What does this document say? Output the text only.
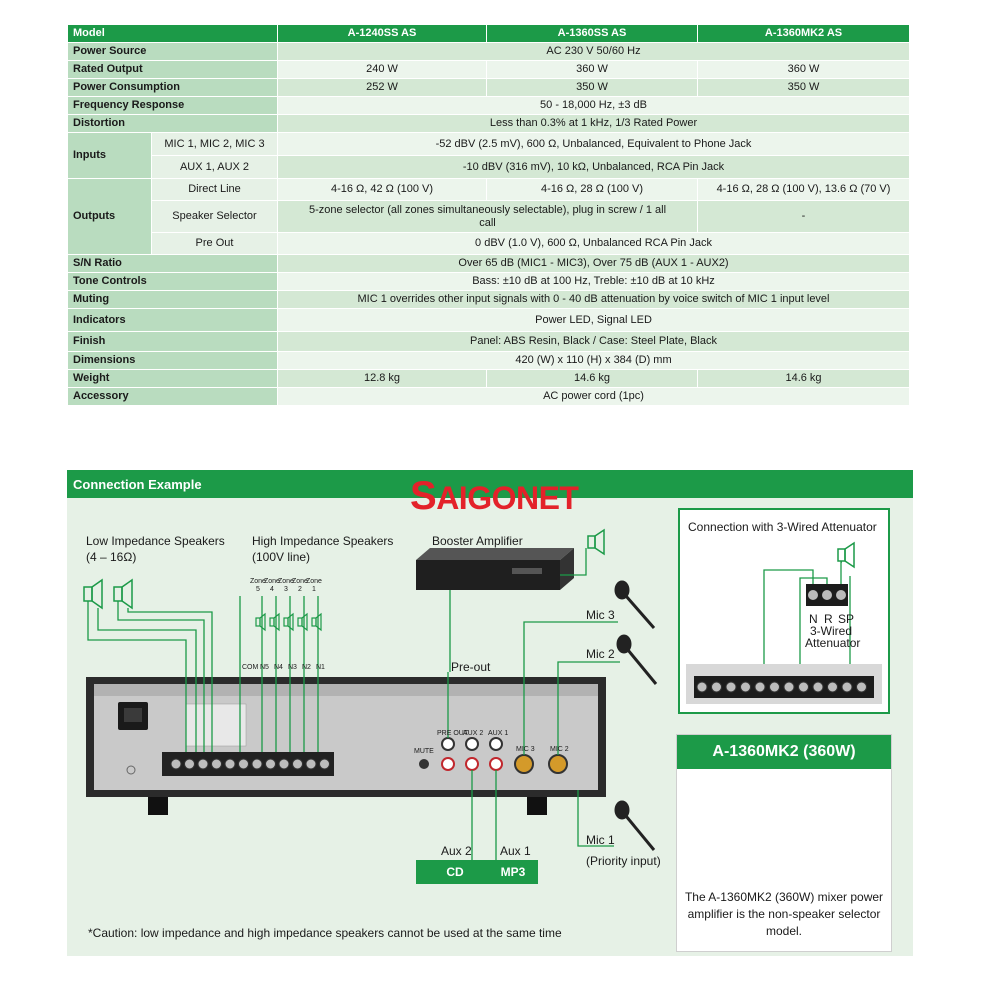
Model		A-1240SS AS	A-1360SS AS	A-1360MK2 AS
Power Source		AC 230 V 50/60 Hz		
Rated Output		240 W	360 W	360 W
Power Consumption		252 W	350 W	350 W
Frequency Response		50 - 18,000 Hz, ±3 dB		
Distortion		Less than 0.3% at 1 kHz, 1/3 Rated Power		
Inputs	MIC 1, MIC 2, MIC 3	-52 dBV (2.5 mV), 600 Ω, Unbalanced, Equivalent to Phone Jack		
	AUX 1, AUX 2	-10 dBV (316 mV), 10 kΩ, Unbalanced, RCA Pin Jack		
Outputs	Direct Line	4-16 Ω, 42 Ω (100 V)	4-16 Ω, 28 Ω (100 V)	4-16 Ω, 28 Ω (100 V), 13.6 Ω (70 V)
	Speaker Selector	5-zone selector (all zones simultaneously selectable), plug in screw / 1 all call		-
	Pre Out	0 dBV (1.0 V), 600 Ω, Unbalanced RCA Pin Jack		
S/N Ratio		Over 65 dB (MIC1 - MIC3), Over 75 dB (AUX 1 - AUX2)		
Tone Controls		Bass: ±10 dB at 100 Hz, Treble: ±10 dB at 10 kHz		
Muting		MIC 1 overrides other input signals with 0 - 40 dB attenuation by voice switch of MIC 1 input level		
Indicators		Power LED, Signal LED		
Finish		Panel: ABS Resin, Black / Case: Steel Plate, Black		
Dimensions		420 (W) x 110 (H) x 384 (D) mm		
Weight		12.8 kg	14.6 kg	14.6 kg
Accessory		AC power cord (1pc)		
Connection Example	SAIGONET
Low Impedance Speakers
(4 – 16Ω)
High Impedance Speakers
(100V line)
Booster Amplifier
Zone
Zone
Zone
Zone
Zone
5 4 3 2 1
COM N5 N4 N3 N2 N1
PRE OUT
AUX 2 AUX 1
MUTE	MIC 3 MIC 2
Pre-out
Mic 3
Mic 2
Mic 1
(Priority input)
Aux 2 Aux 1
CD	MP3
*Caution: low impedance and high impedance speakers cannot be used at the same time
Connection with 3-Wired Attenuator
N R SP
3-Wired
Attenuator
A-1360MK2 (360W)
The A-1360MK2 (360W) mixer power amplifier is the non-speaker selector model.
